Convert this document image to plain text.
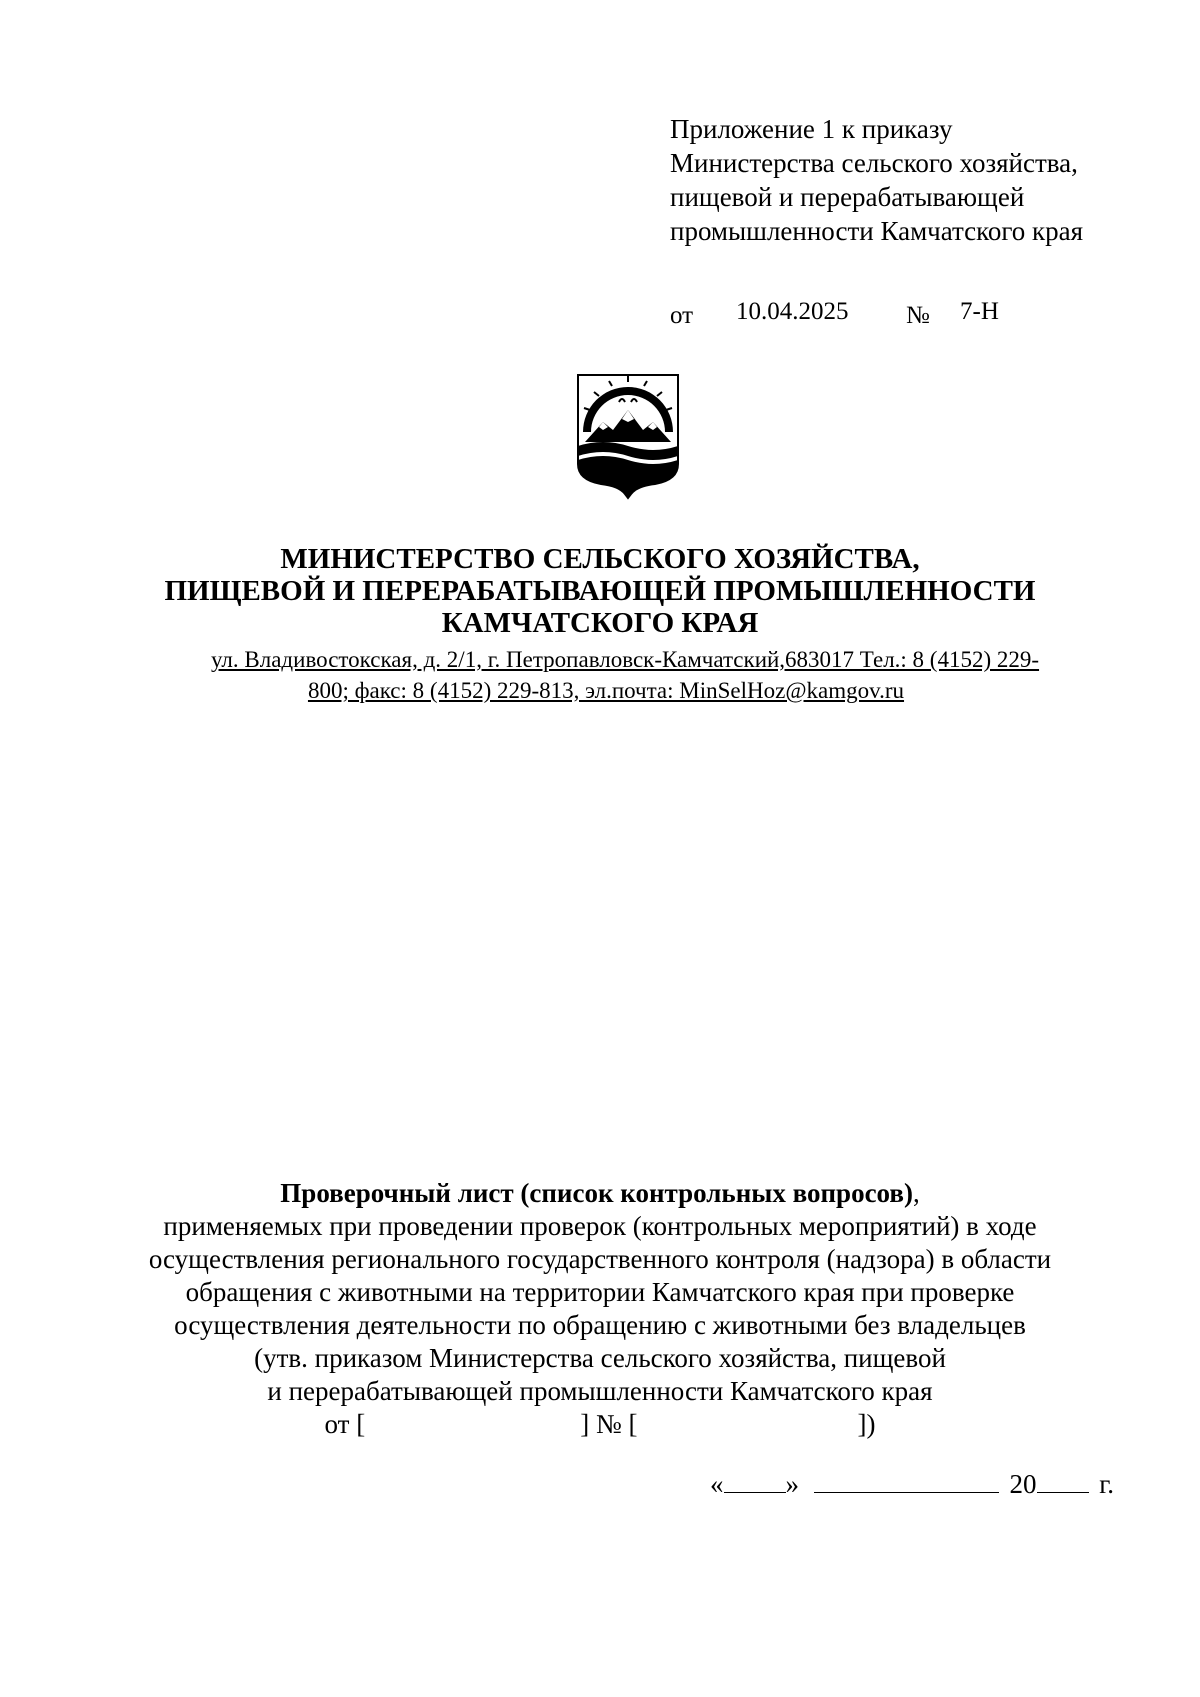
Приложение 1 к приказу
Министерства сельского хозяйства,
пищевой и перерабатывающей
промышленности Камчатского края
от 10.04.2025 № 7-Н
МИНИСТЕРСТВО СЕЛЬСКОГО ХОЗЯЙСТВА,
ПИЩЕВОЙ И ПЕРЕРАБАТЫВАЮЩЕЙ ПРОМЫШЛЕННОСТИ
КАМЧАТСКОГО КРАЯ
ул. Владивостокская, д. 2/1, г. Петропавловск-Камчатский,683017 Тел.: 8 (4152) 229-
800; факс: 8 (4152) 229-813, эл.почта: MinSelHoz@kamgov.ru
Проверочный лист (список контрольных вопросов),
применяемых при проведении проверок (контрольных мероприятий) в ходе
осуществления регионального государственного контроля (надзора) в области
обращения с животными на территории Камчатского края при проверке
осуществления деятельности по обращению с животными без владельцев
(утв. приказом Министерства сельского хозяйства, пищевой
и перерабатывающей промышленности Камчатского края
от [	] № [	])
« »	20 г.
